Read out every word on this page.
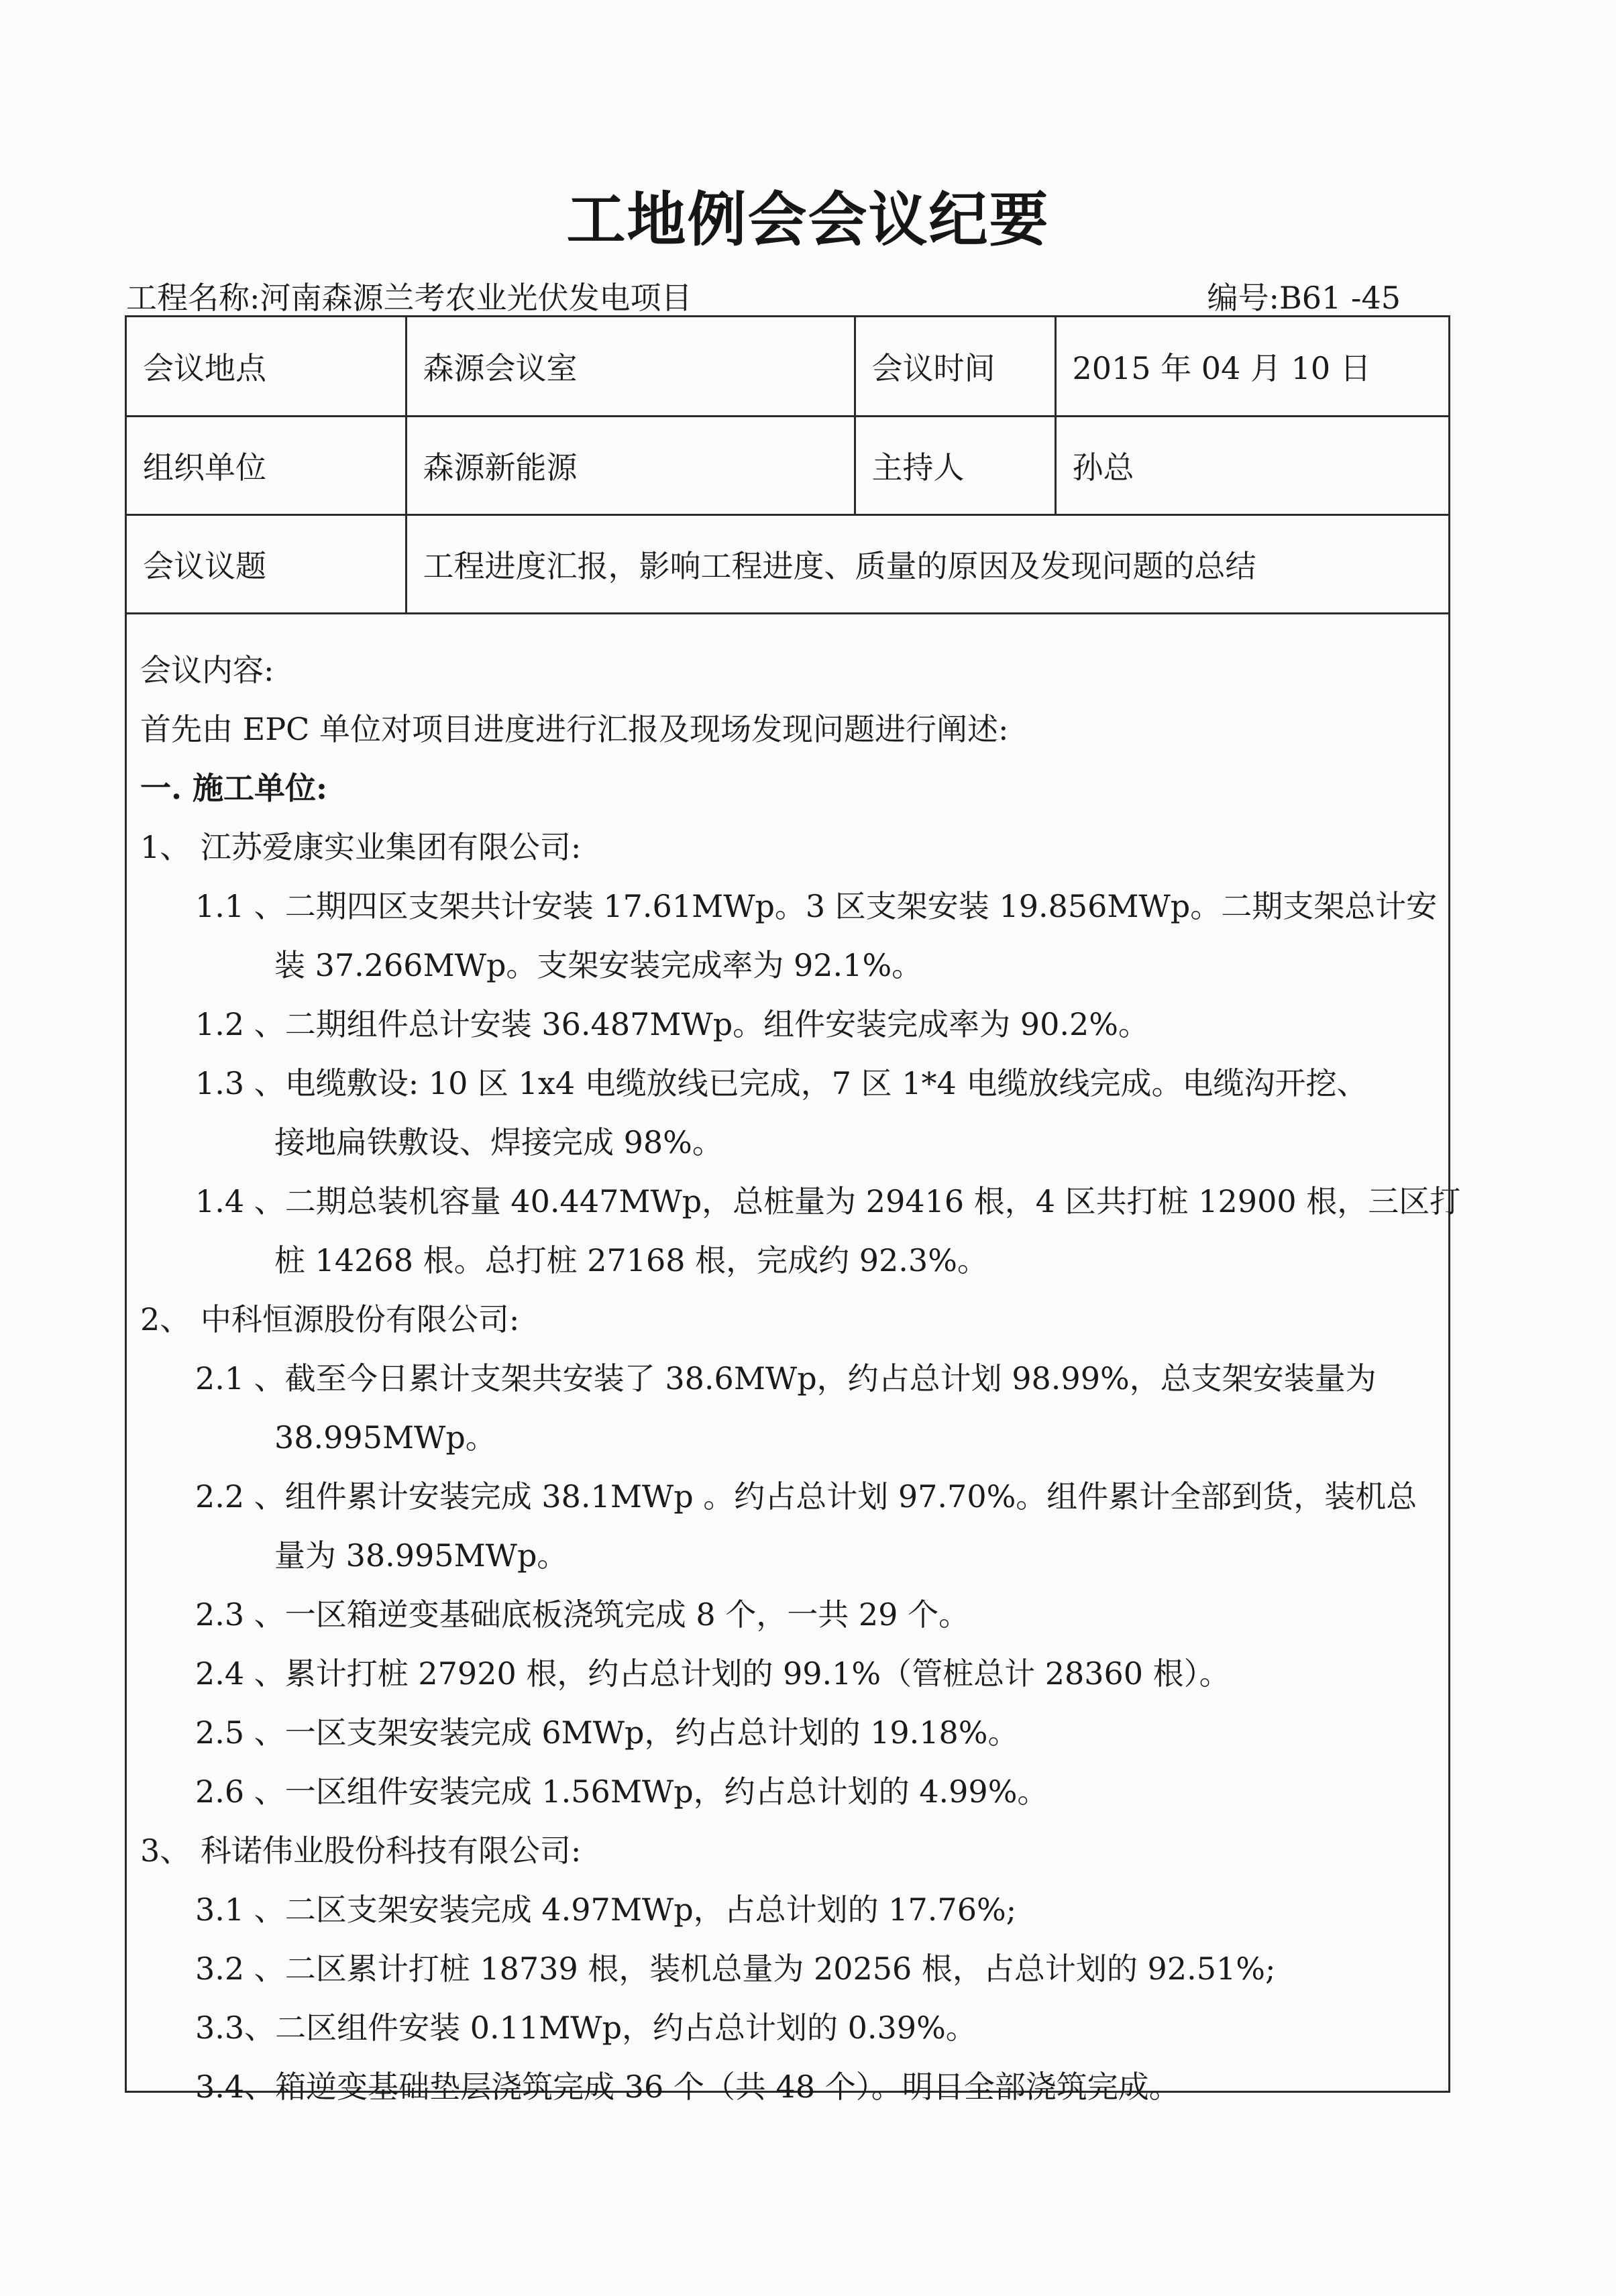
工地例会会议纪要
工程名称:河南森源兰考农业光伏发电项目	编号:B61 -45
会议地点	森源会议室	会议时间	2015 年 04 月 10 日
组织单位	森源新能源	主持人	孙总
会议议题	工程进度汇报，影响工程进度、质量的原因及发现问题的总结		
会议内容:
首先由 EPC 单位对项目进度进行汇报及现场发现问题进行阐述:
一. 施工单位:
1、 江苏爱康实业集团有限公司:
1.1 、二期四区支架共计安装 17.61MWp。3 区支架安装 19.856MWp。二期支架总计安
装 37.266MWp。支架安装完成率为 92.1%。
1.2 、二期组件总计安装 36.487MWp。组件安装完成率为 90.2%。
1.3 、电缆敷设: 10 区 1x4 电缆放线已完成，7 区 1*4 电缆放线完成。电缆沟开挖、
接地扁铁敷设、焊接完成 98%。
1.4 、二期总装机容量 40.447MWp，总桩量为 29416 根，4 区共打桩 12900 根，三区打
桩 14268 根。总打桩 27168 根，完成约 92.3%。
2、 中科恒源股份有限公司:
2.1 、截至今日累计支架共安装了 38.6MWp，约占总计划 98.99%，总支架安装量为
38.995MWp。
2.2 、组件累计安装完成 38.1MWp 。约占总计划 97.70%。组件累计全部到货，装机总
量为 38.995MWp。
2.3 、一区箱逆变基础底板浇筑完成 8 个，一共 29 个。
2.4 、累计打桩 27920 根，约占总计划的 99.1%（管桩总计 28360 根）。
2.5 、一区支架安装完成 6MWp，约占总计划的 19.18%。
2.6 、一区组件安装完成 1.56MWp，约占总计划的 4.99%。
3、 科诺伟业股份科技有限公司:
3.1 、二区支架安装完成 4.97MWp，占总计划的 17.76%;
3.2 、二区累计打桩 18739 根，装机总量为 20256 根，占总计划的 92.51%;
3.3、二区组件安装 0.11MWp，约占总计划的 0.39%。
3.4、箱逆变基础垫层浇筑完成 36 个（共 48 个）。明日全部浇筑完成。
